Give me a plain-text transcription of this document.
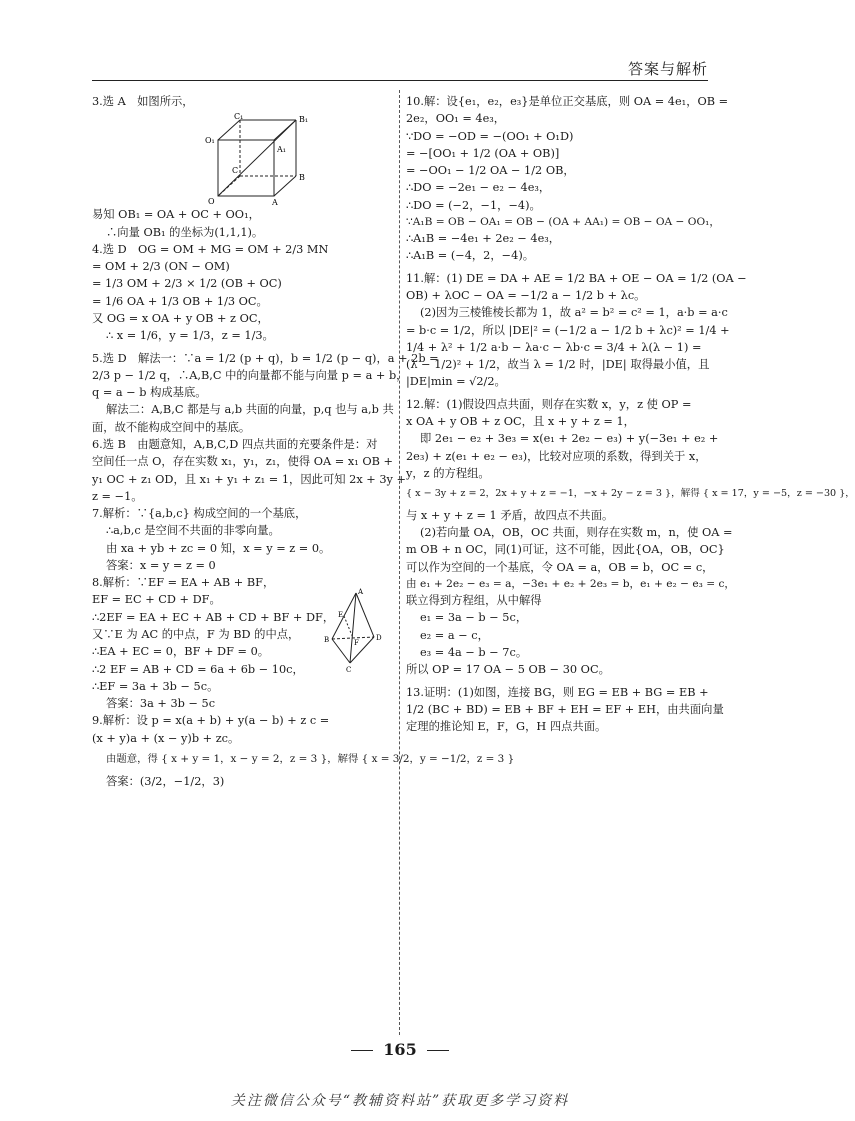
答案与解析
3.选 A　如图所示，
C₁	B₁
O₁
A₁
C
B
O	A
易知 OB₁ = OA + OC + OO₁，
∴向量 OB₁ 的坐标为(1,1,1)。
4.选 D　OG = OM + MG = OM + 2/3 MN
= OM + 2/3 (ON − OM)
= 1/3 OM + 2/3 × 1/2 (OB + OC)
= 1/6 OA + 1/3 OB + 1/3 OC。
又 OG = x OA + y OB + z OC，
∴ x = 1/6，y = 1/3，z = 1/3。
5.选 D　解法一：∵a = 1/2 (p + q)，b = 1/2 (p − q)，a + 2b =
2/3 p − 1/2 q，∴A,B,C 中的向量都不能与向量 p = a + b，
q = a − b 构成基底。
解法二：A,B,C 都是与 a,b 共面的向量，p,q 也与 a,b 共
面，故不能构成空间中的基底。
6.选 B　由题意知，A,B,C,D 四点共面的充要条件是：对
空间任一点 O，存在实数 x₁，y₁，z₁，使得 OA = x₁ OB +
y₁ OC + z₁ OD，且 x₁ + y₁ + z₁ = 1，因此可知 2x + 3y +
z = −1。
7.解析：∵{a,b,c} 构成空间的一个基底，
∴a,b,c 是空间不共面的非零向量。
由 xa + yb + zc = 0 知，x = y = z = 0。
答案：x = y = z = 0
8.解析：∵EF = EA + AB + BF，
A
B
C
D
E
F
EF = EC + CD + DF。
∴2EF = EA + EC + AB + CD + BF + DF，
又∵E 为 AC 的中点，F 为 BD 的中点，
∴EA + EC = 0，BF + DF = 0。
∴2 EF = AB + CD = 6a + 6b − 10c，
∴EF = 3a + 3b − 5c。
答案：3a + 3b − 5c
9.解析：设 p = x(a + b) + y(a − b) + z c =
(x + y)a + (x − y)b + zc。
由题意，得 { x + y = 1，x − y = 2，z = 3 }，解得 { x = 3/2，y = −1/2，z = 3 }
答案：(3/2，−1/2，3)
10.解：设{e₁，e₂，e₃}是单位正交基底，则 OA = 4e₁，OB =
2e₂，OO₁ = 4e₃，
∵DO = −OD = −(OO₁ + O₁D)
= −[OO₁ + 1/2 (OA + OB)]
= −OO₁ − 1/2 OA − 1/2 OB，
∴DO = −2e₁ − e₂ − 4e₃，
∴DO = (−2，−1，−4)。
∵A₁B = OB − OA₁ = OB − (OA + AA₁) = OB − OA − OO₁，
∴A₁B = −4e₁ + 2e₂ − 4e₃，
∴A₁B = (−4，2，−4)。
11.解：(1) DE = DA + AE = 1/2 BA + OE − OA = 1/2 (OA −
OB) + λOC − OA = −1/2 a − 1/2 b + λc。
(2)因为三棱锥棱长都为 1，故 a² = b² = c² = 1，a·b = a·c
= b·c = 1/2，所以 |DE|² = (−1/2 a − 1/2 b + λc)² = 1/4 +
1/4 + λ² + 1/2 a·b − λa·c − λb·c = 3/4 + λ(λ − 1) =
(λ − 1/2)² + 1/2，故当 λ = 1/2 时，|DE| 取得最小值，且
|DE|min = √2/2。
12.解：(1)假设四点共面，则存在实数 x，y，z 使 OP =
x OA + y OB + z OC，且 x + y + z = 1，
即 2e₁ − e₂ + 3e₃ = x(e₁ + 2e₂ − e₃) + y(−3e₁ + e₂ +
2e₃) + z(e₁ + e₂ − e₃)，比较对应项的系数，得到关于 x，
y，z 的方程组。
{ x − 3y + z = 2，2x + y + z = −1，−x + 2y − z = 3 }，解得 { x = 17，y = −5，z = −30 }，
与 x + y + z = 1 矛盾，故四点不共面。
(2)若向量 OA，OB，OC 共面，则存在实数 m，n，使 OA =
m OB + n OC，同(1)可证，这不可能，因此{OA，OB，OC}
可以作为空间的一个基底，令 OA = a，OB = b，OC = c，
由 e₁ + 2e₂ − e₃ = a，−3e₁ + e₂ + 2e₃ = b，e₁ + e₂ − e₃ = c，
联立得到方程组，从中解得
e₁ = 3a − b − 5c，
e₂ = a − c，
e₃ = 4a − b − 7c。
所以 OP = 17 OA − 5 OB − 30 OC。
13.证明：(1)如图，连接 BG，则 EG = EB + BG = EB +
1/2 (BC + BD) = EB + BF + EH = EF + EH，由共面向量
定理的推论知 E，F，G，H 四点共面。
165
关注微信公众号“教辅资料站”获取更多学习资料
